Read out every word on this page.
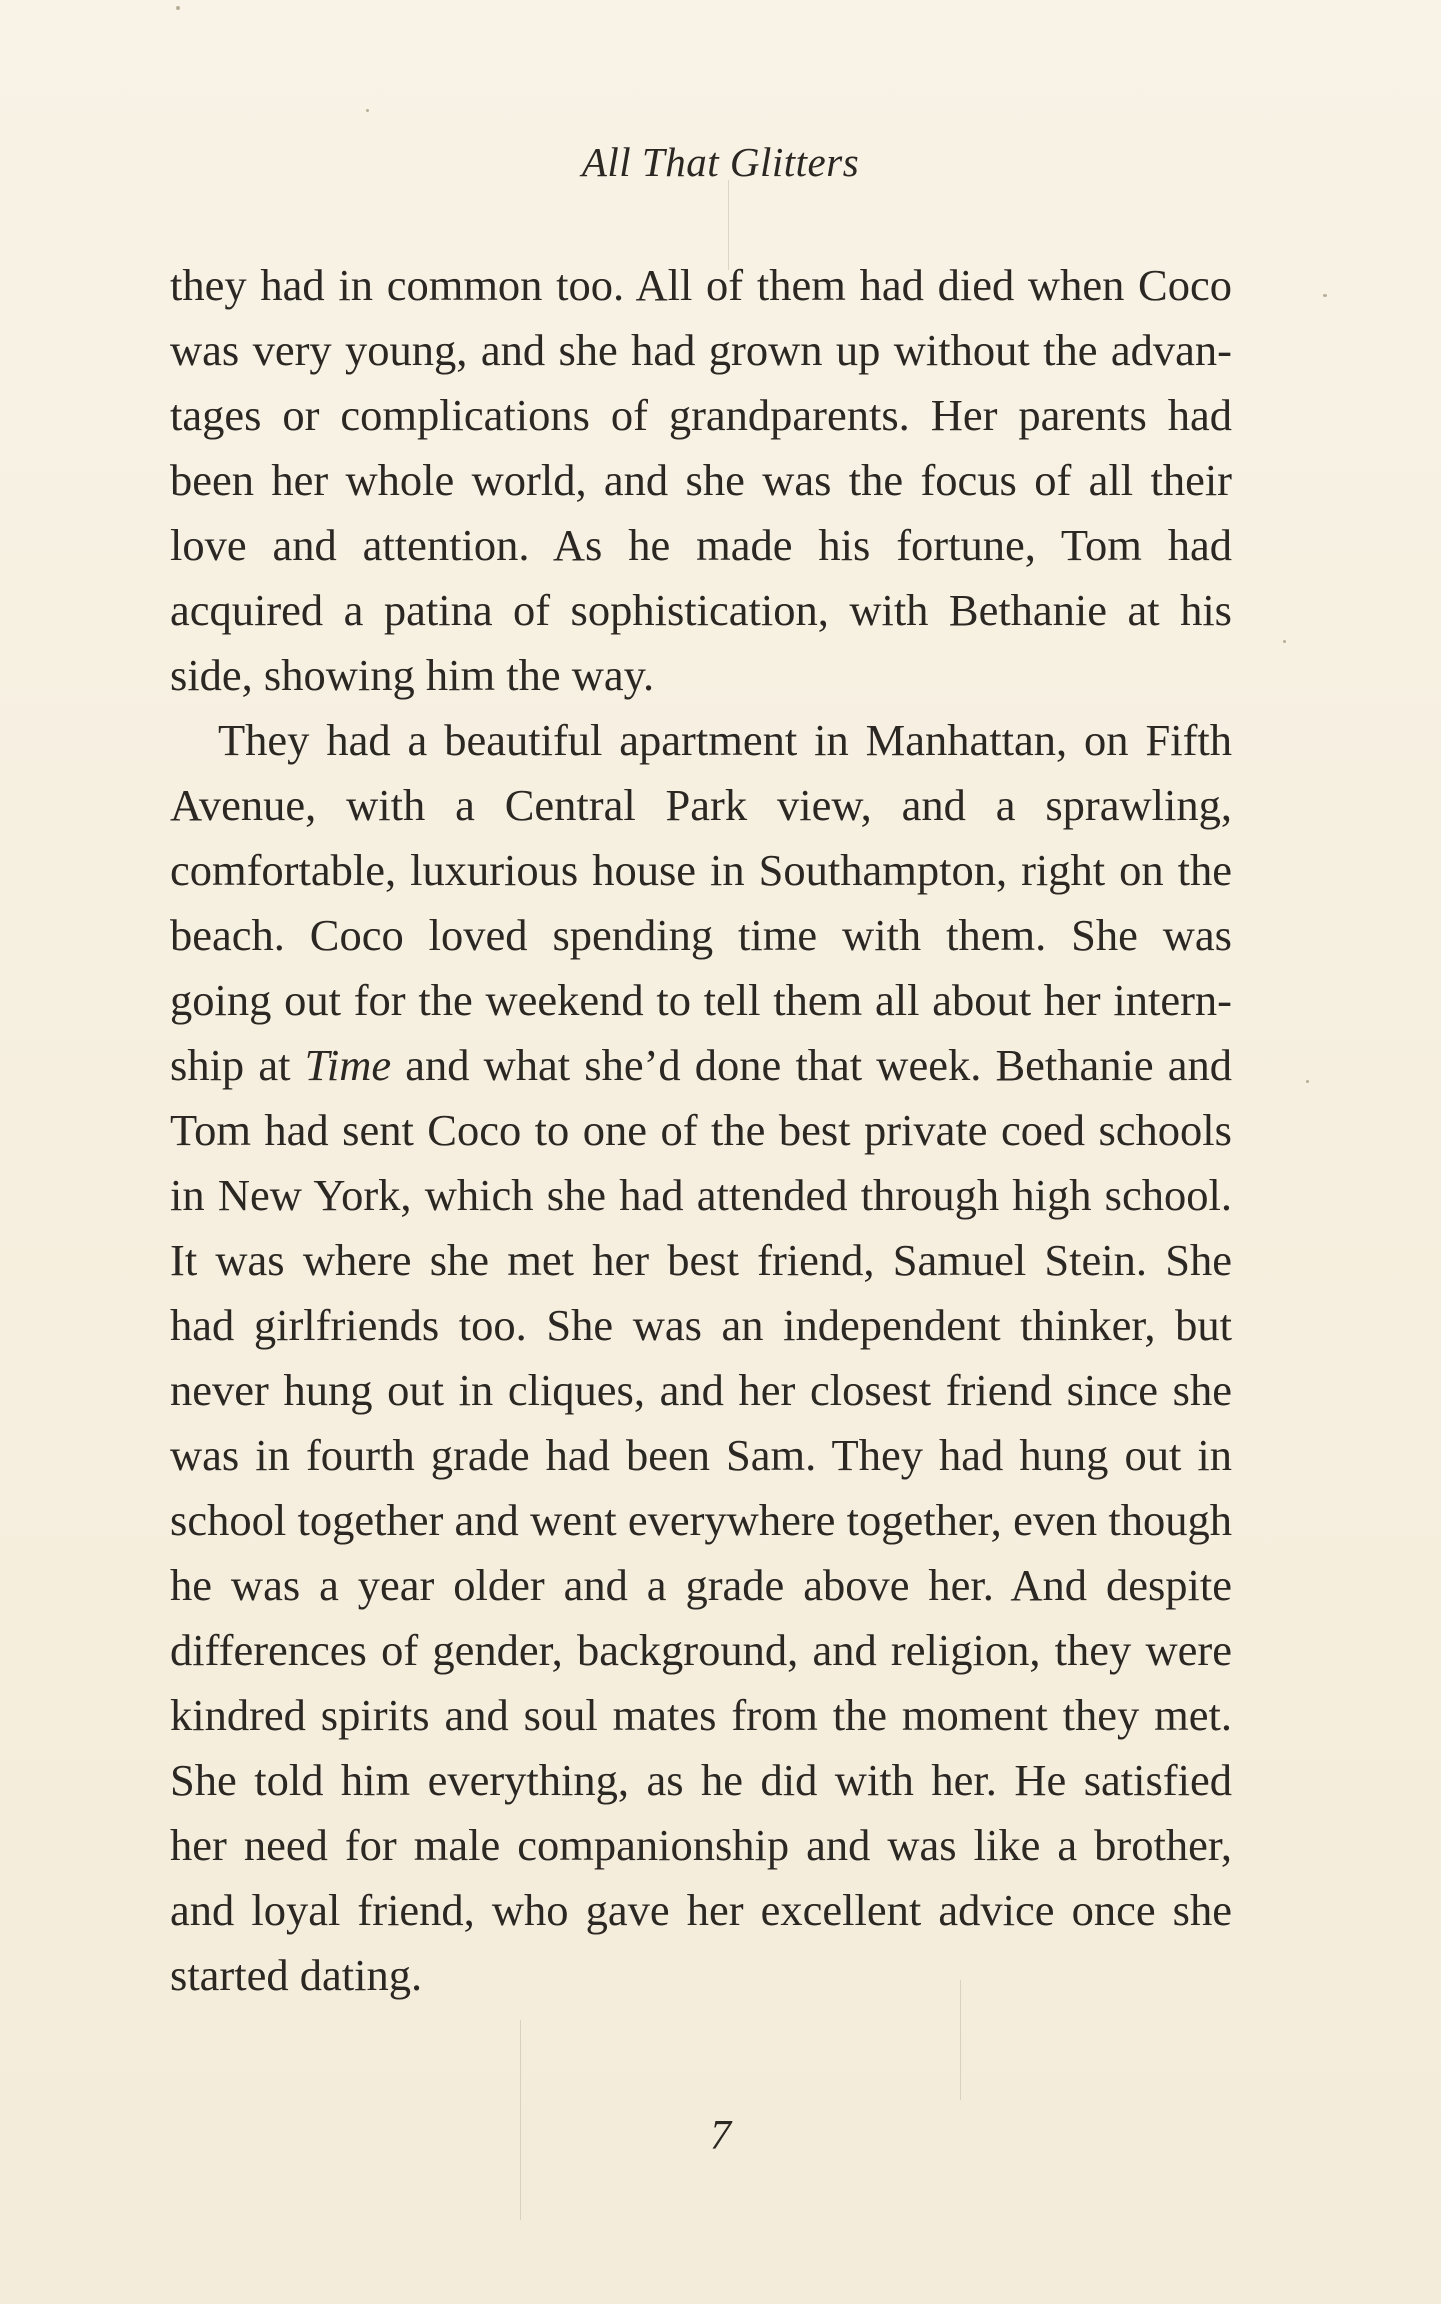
All That Glitters

they had in common too. All of them had died when Coco was very young, and she had grown up without the advantages or complications of grandparents. Her parents had been her whole world, and she was the focus of all their love and attention. As he made his fortune, Tom had acquired a patina of sophistication, with Bethanie at his side, showing him the way.

They had a beautiful apartment in Manhattan, on Fifth Avenue, with a Central Park view, and a sprawling, comfortable, luxurious house in Southampton, right on the beach. Coco loved spending time with them. She was going out for the weekend to tell them all about her internship at Time and what she’d done that week. Bethanie and Tom had sent Coco to one of the best private coed schools in New York, which she had attended through high school. It was where she met her best friend, Samuel Stein. She had girlfriends too. She was an independent thinker, but never hung out in cliques, and her closest friend since she was in fourth grade had been Sam. They had hung out in school together and went everywhere together, even though he was a year older and a grade above her. And despite differences of gender, background, and religion, they were kindred spirits and soul mates from the moment they met. She told him everything, as he did with her. He satisfied her need for male companionship and was like a brother, and loyal friend, who gave her excellent advice once she started dating.

7
